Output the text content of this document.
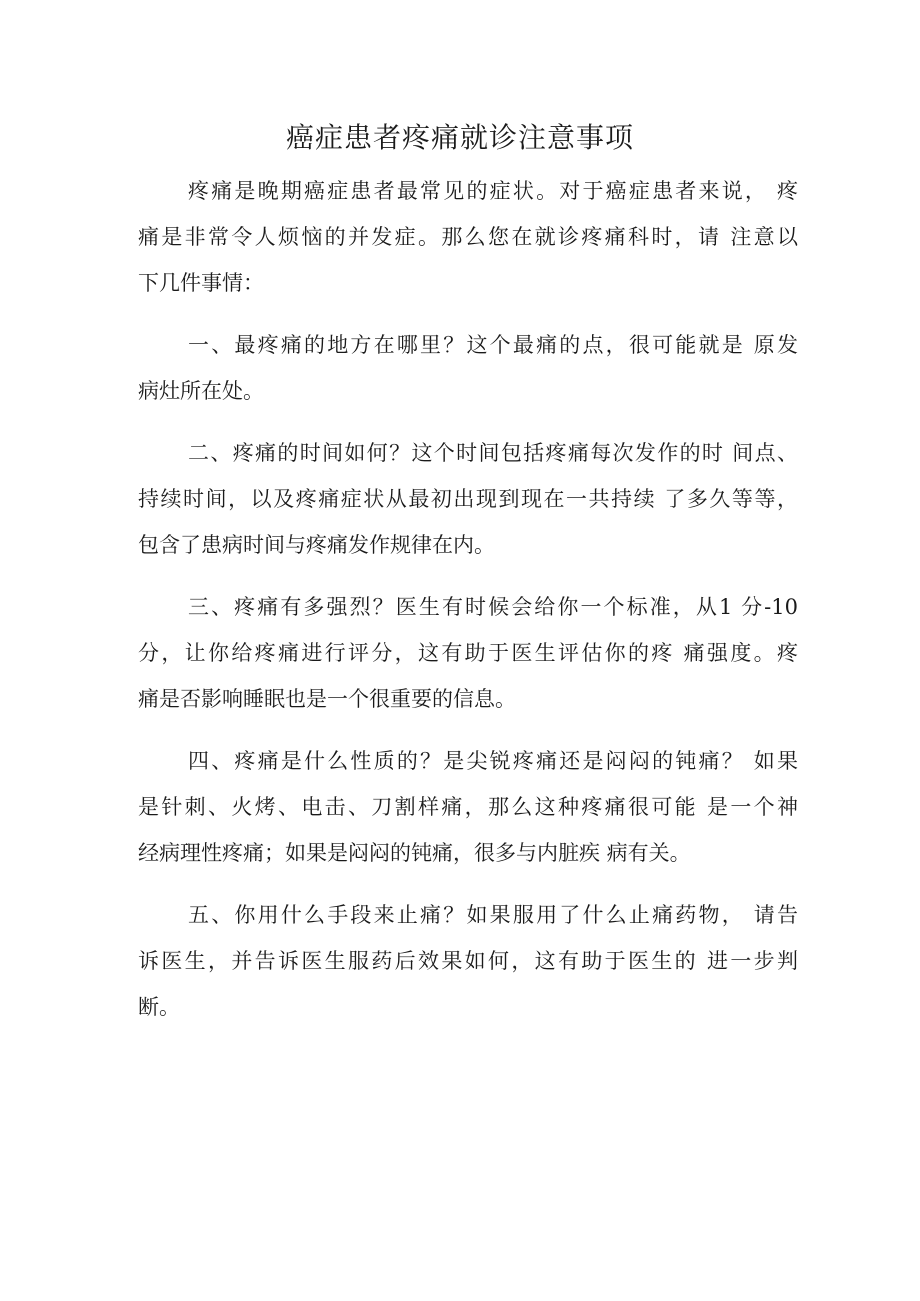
癌症患者疼痛就诊注意事项

疼痛是晚期癌症患者最常见的症状。对于癌症患者来说， 疼
痛是非常令人烦恼的并发症。那么您在就诊疼痛科时，请 注意以
下几件事情：

一、最疼痛的地方在哪里？这个最痛的点，很可能就是 原发
病灶所在处。

二、疼痛的时间如何？这个时间包括疼痛每次发作的时 间点、
持续时间，以及疼痛症状从最初出现到现在一共持续 了多久等等，
包含了患病时间与疼痛发作规律在内。

三、疼痛有多强烈？医生有时候会给你一个标准，从1 分-10
分，让你给疼痛进行评分，这有助于医生评估你的疼 痛强度。疼
痛是否影响睡眠也是一个很重要的信息。

四、疼痛是什么性质的？是尖锐疼痛还是闷闷的钝痛？ 如果
是针刺、火烤、电击、刀割样痛，那么这种疼痛很可能 是一个神
经病理性疼痛；如果是闷闷的钝痛，很多与内脏疾 病有关。

五、你用什么手段来止痛？如果服用了什么止痛药物， 请告
诉医生，并告诉医生服药后效果如何，这有助于医生的 进一步判
断。
